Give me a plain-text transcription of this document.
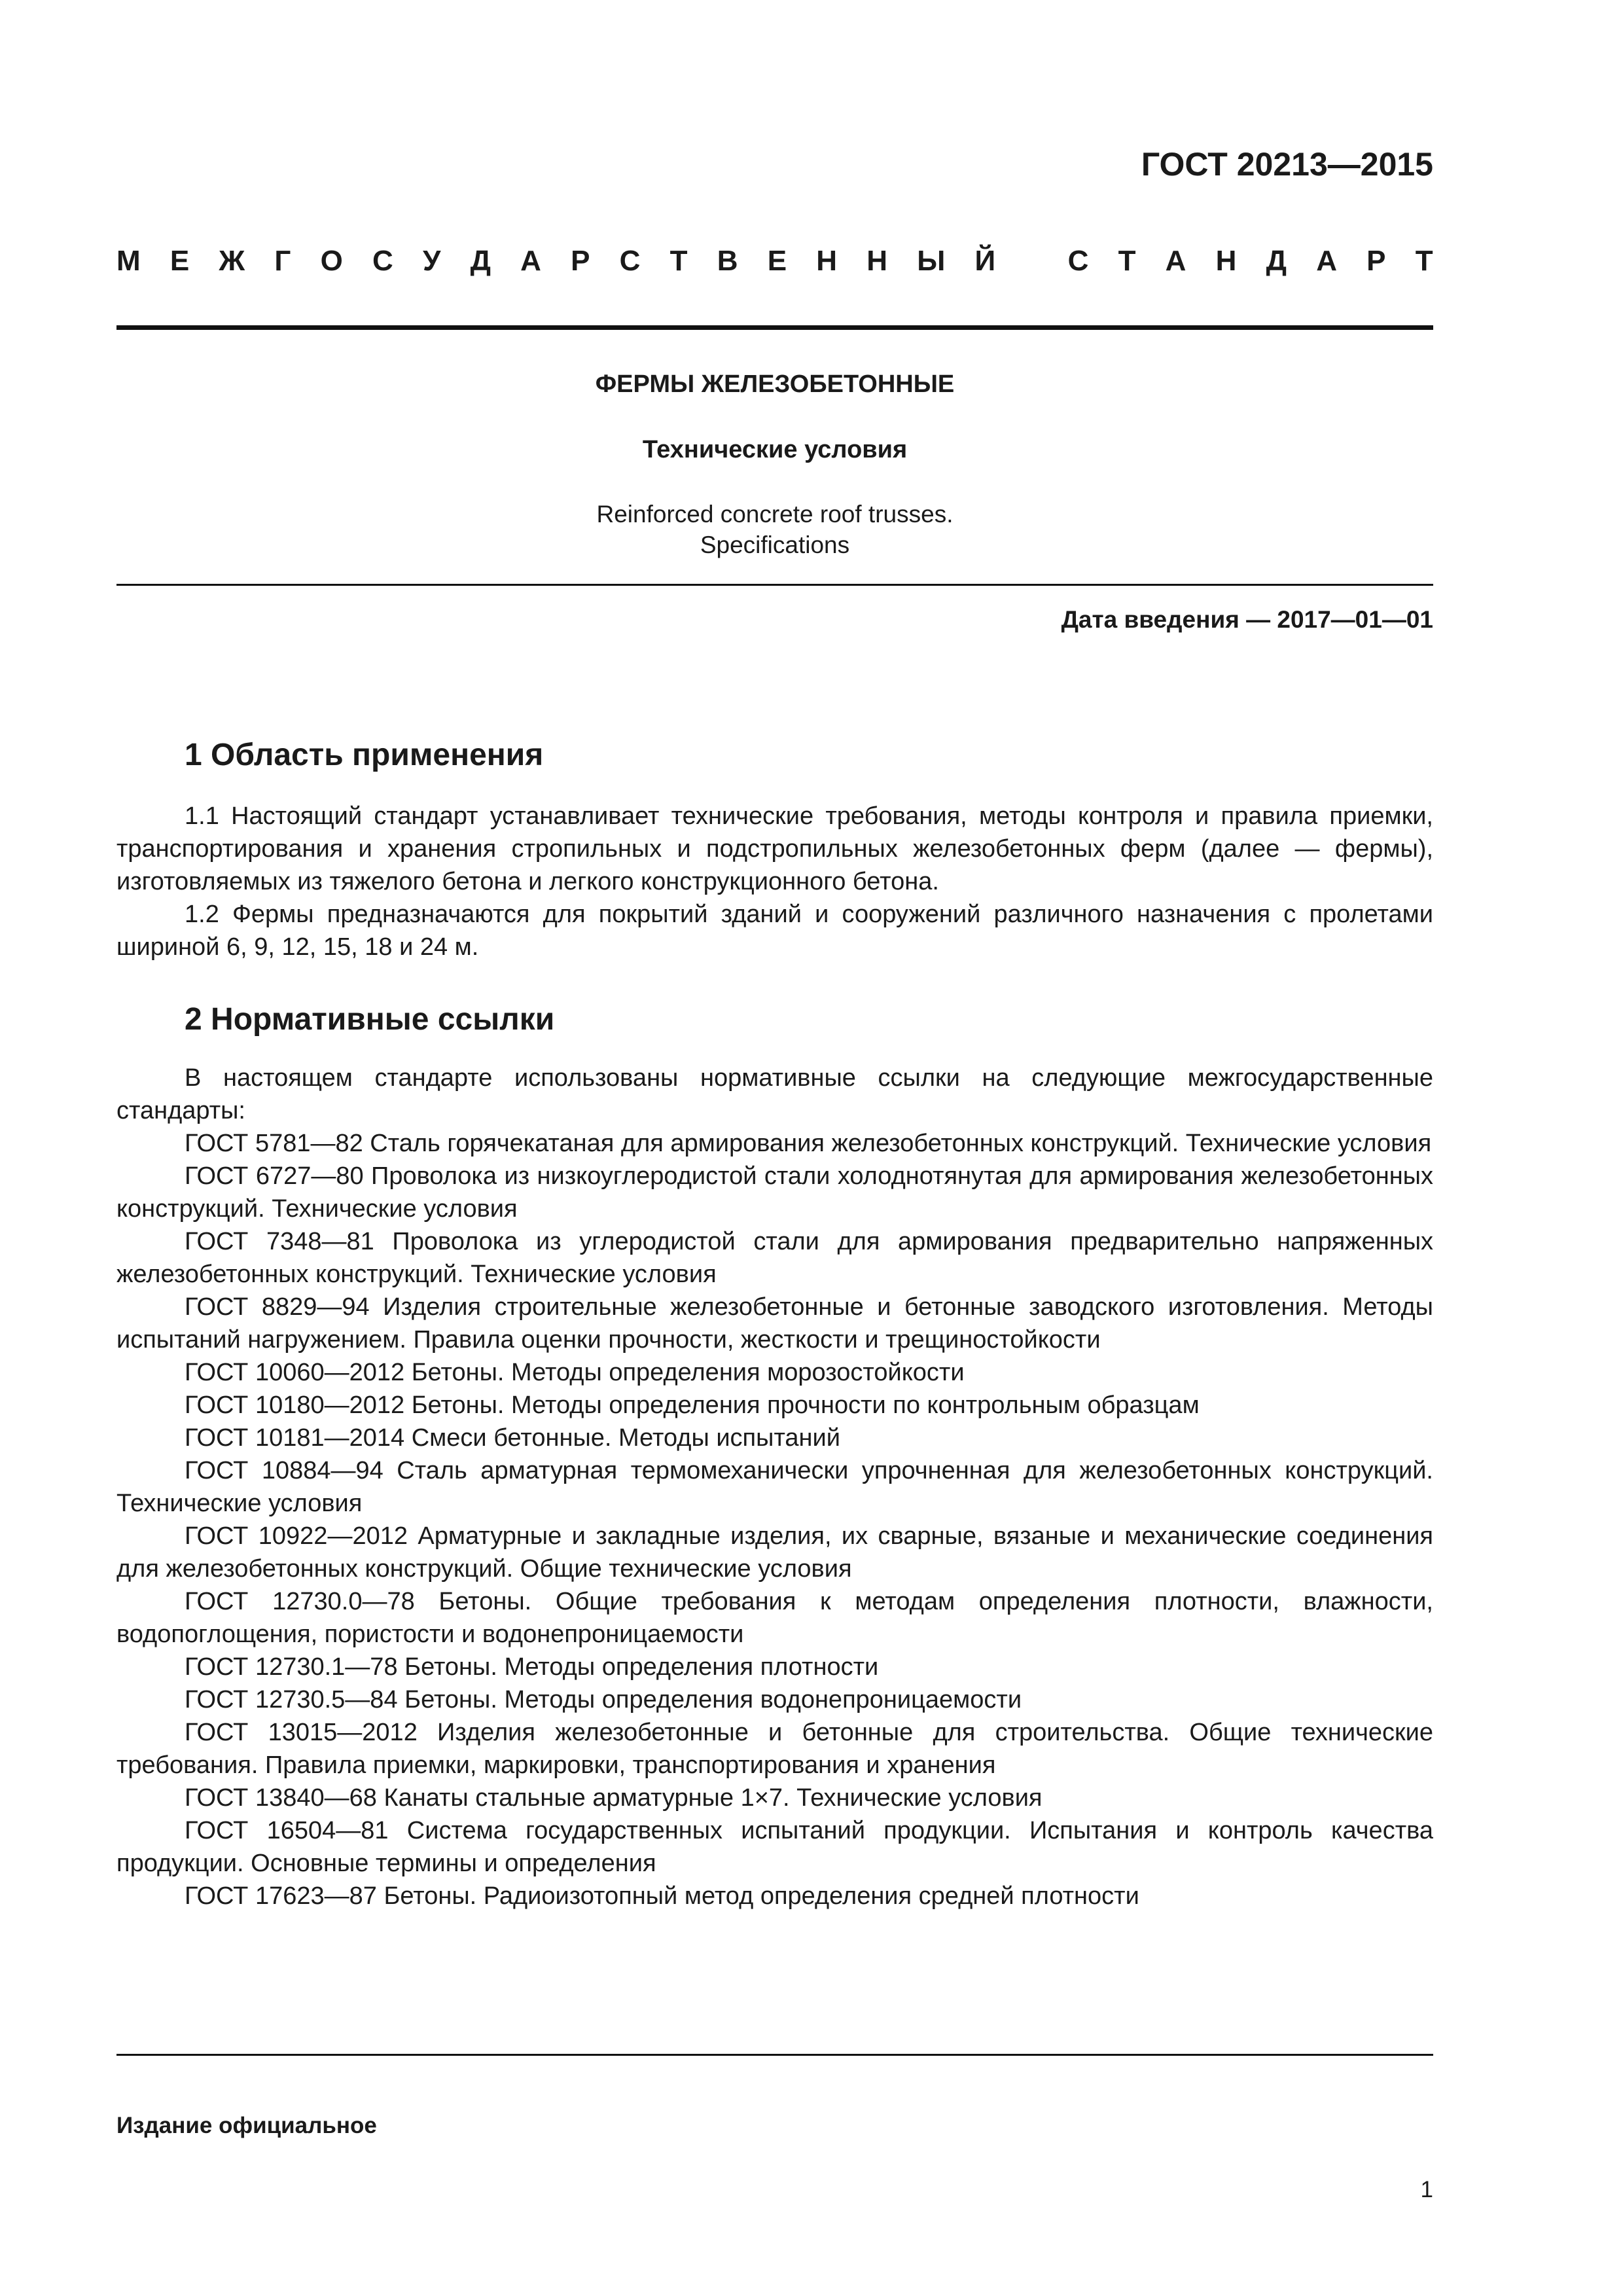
ГОСТ 20213—2015
М Е Ж Г О С У Д А Р С Т В Е Н Н Ы Й	С Т А Н Д А Р Т
ФЕРМЫ ЖЕЛЕЗОБЕТОННЫЕ
Технические условия
Reinforced concrete roof trusses.
Specifications
Дата введения — 2017—01—01
1 Область применения

1.1 Настоящий стандарт устанавливает технические требования, методы контроля и правила приемки, транспортирования и хранения стропильных и подстропильных железобетонных ферм (далее — фермы), изготовляемых из тяжелого бетона и легкого конструкционного бетона.

1.2 Фермы предназначаются для покрытий зданий и сооружений различного назначения с пролетами шириной 6, 9, 12, 15, 18 и 24 м.

2 Нормативные ссылки

В настоящем стандарте использованы нормативные ссылки на следующие межгосударственные стандарты:

ГОСТ 5781—82 Сталь горячекатаная для армирования железобетонных конструкций. Технические условия

ГОСТ 6727—80 Проволока из низкоуглеродистой стали холоднотянутая для армирования железобетонных конструкций. Технические условия

ГОСТ 7348—81 Проволока из углеродистой стали для армирования предварительно напряженных железобетонных конструкций. Технические условия

ГОСТ 8829—94 Изделия строительные железобетонные и бетонные заводского изготовления. Методы испытаний нагружением. Правила оценки прочности, жесткости и трещиностойкости

ГОСТ 10060—2012 Бетоны. Методы определения морозостойкости

ГОСТ 10180—2012 Бетоны. Методы определения прочности по контрольным образцам

ГОСТ 10181—2014 Смеси бетонные. Методы испытаний

ГОСТ 10884—94 Сталь арматурная термомеханически упрочненная для железобетонных конструкций. Технические условия

ГОСТ 10922—2012 Арматурные и закладные изделия, их сварные, вязаные и механические соединения для железобетонных конструкций. Общие технические условия

ГОСТ 12730.0—78 Бетоны. Общие требования к методам определения плотности, влажности, водопоглощения, пористости и водонепроницаемости

ГОСТ 12730.1—78 Бетоны. Методы определения плотности

ГОСТ 12730.5—84 Бетоны. Методы определения водонепроницаемости

ГОСТ 13015—2012 Изделия железобетонные и бетонные для строительства. Общие технические требования. Правила приемки, маркировки, транспортирования и хранения

ГОСТ 13840—68 Канаты стальные арматурные 1×7. Технические условия

ГОСТ 16504—81 Система государственных испытаний продукции. Испытания и контроль качества продукции. Основные термины и определения

ГОСТ 17623—87 Бетоны. Радиоизотопный метод определения средней плотности

Издание официальное
1
